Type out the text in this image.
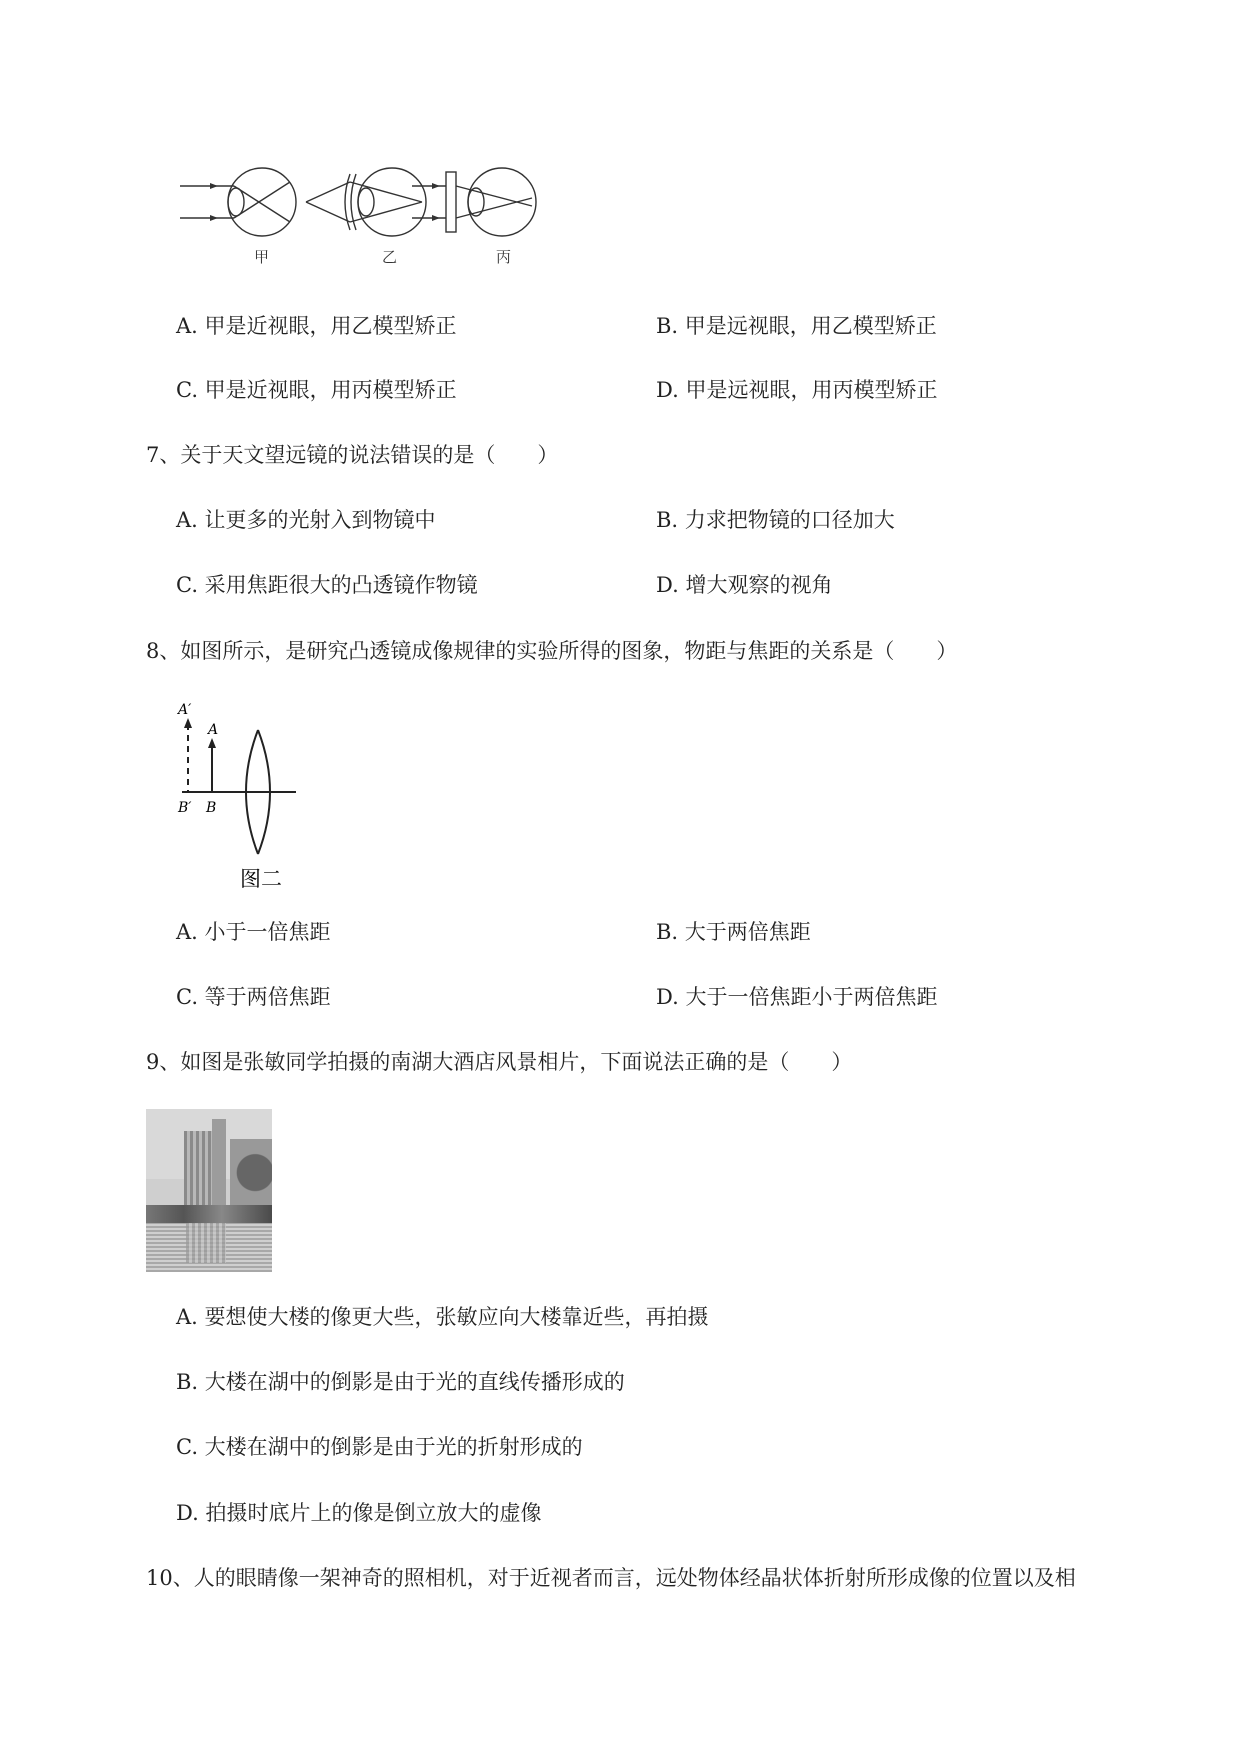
甲	乙	丙
A. 甲是近视眼，用乙模型矫正	B. 甲是远视眼，用乙模型矫正
C. 甲是近视眼，用丙模型矫正	D. 甲是远视眼，用丙模型矫正
7、关于天文望远镜的说法错误的是（　　）
A. 让更多的光射入到物镜中	B. 力求把物镜的口径加大
C. 采用焦距很大的凸透镜作物镜	D. 增大观察的视角
8、如图所示，是研究凸透镜成像规律的实验所得的图象，物距与焦距的关系是（　　）
A′
A
B′ B
图二
A. 小于一倍焦距	B. 大于两倍焦距
C. 等于两倍焦距	D. 大于一倍焦距小于两倍焦距
9、如图是张敏同学拍摄的南湖大酒店风景相片，下面说法正确的是（　　）
A. 要想使大楼的像更大些，张敏应向大楼靠近些，再拍摄
B. 大楼在湖中的倒影是由于光的直线传播形成的
C. 大楼在湖中的倒影是由于光的折射形成的
D. 拍摄时底片上的像是倒立放大的虚像
10、人的眼睛像一架神奇的照相机，对于近视者而言，远处物体经晶状体折射所形成像的位置以及相
